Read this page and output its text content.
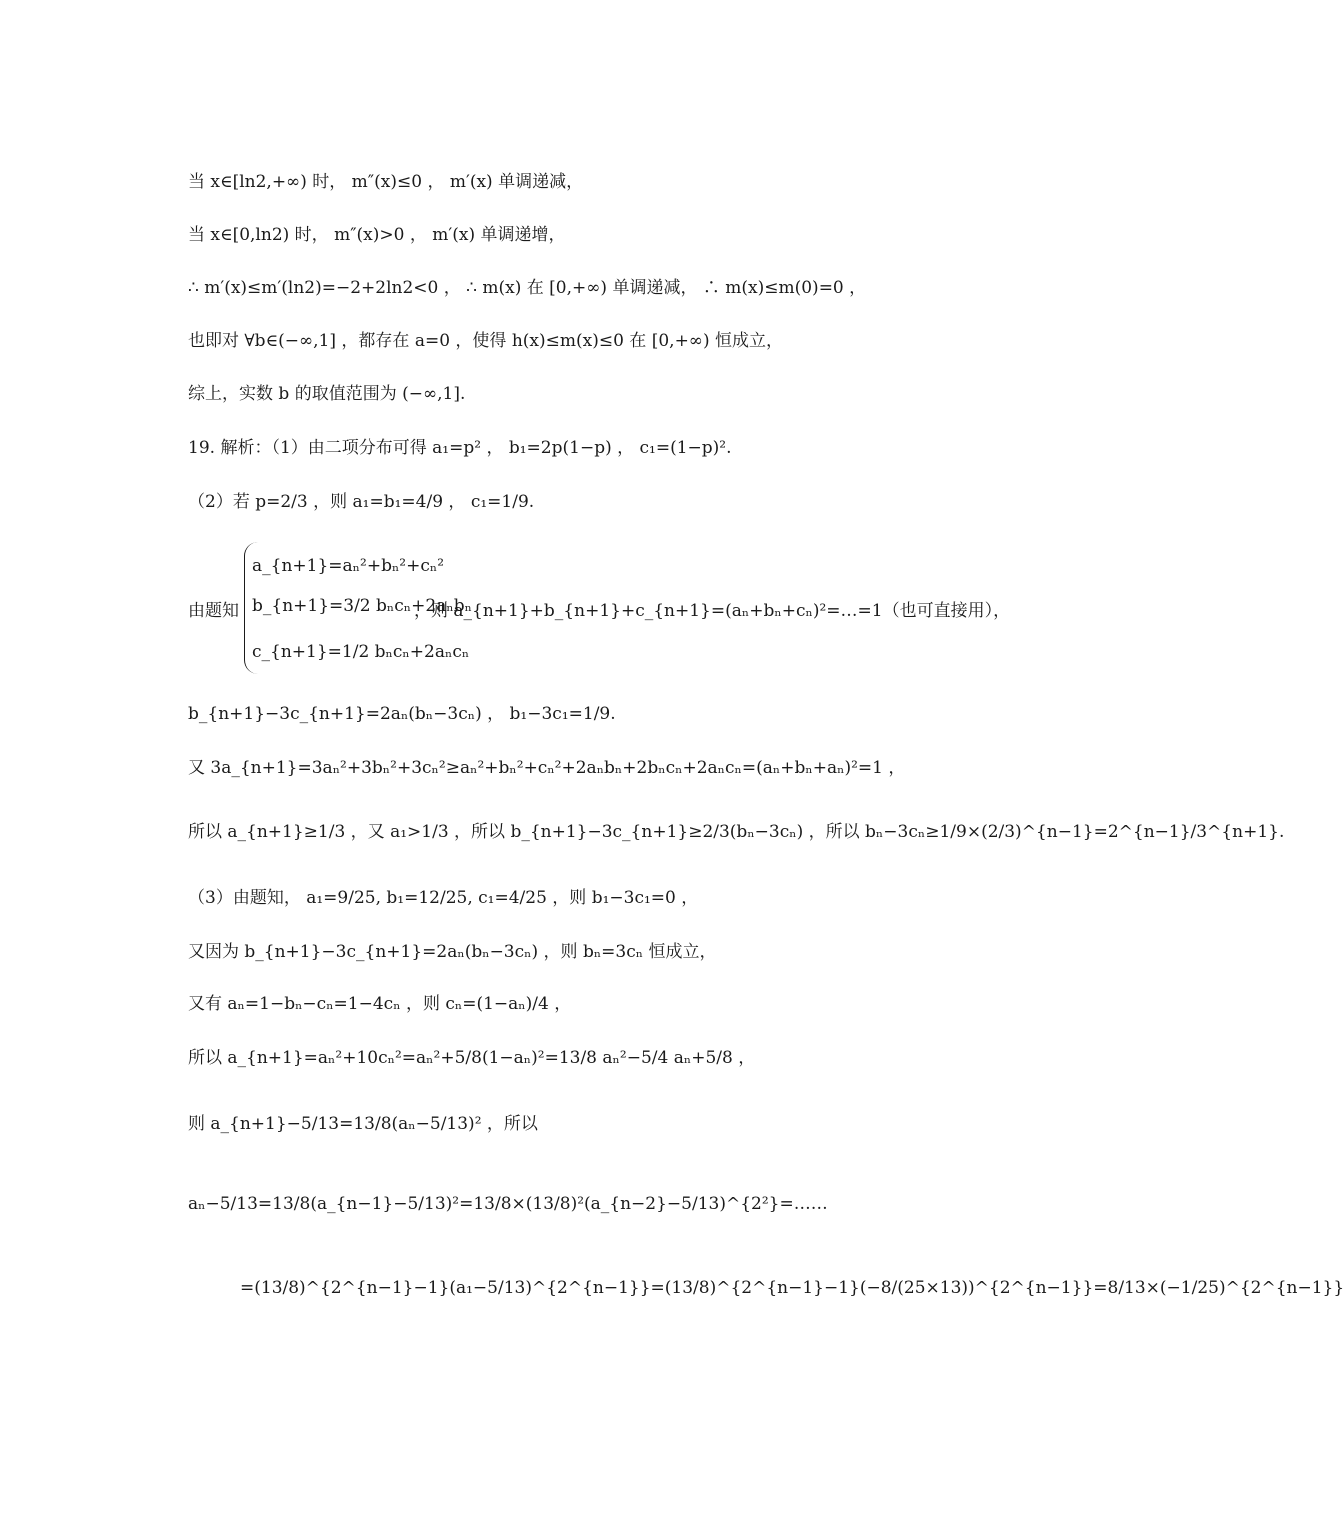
当 x∈[ln2,+∞) 时， m″(x)≤0 ， m′(x) 单调递减，
当 x∈[0,ln2) 时， m″(x)>0 ， m′(x) 单调递增，
∴ m′(x)≤m′(ln2)=−2+2ln2<0 ， ∴ m(x) 在 [0,+∞) 单调递减， ∴ m(x)≤m(0)=0 ，
也即对 ∀b∈(−∞,1] ，都存在 a=0 ，使得 h(x)≤m(x)≤0 在 [0,+∞) 恒成立，
综上，实数 b 的取值范围为 (−∞,1].
19. 解析：（1）由二项分布可得 a₁=p² ， b₁=2p(1−p) ， c₁=(1−p)².
（2）若 p=2/3 ，则 a₁=b₁=4/9 ， c₁=1/9.
由题知
a_{n+1}=aₙ²+bₙ²+cₙ²
b_{n+1}=3/2 bₙcₙ+2aₙbₙ
c_{n+1}=1/2 bₙcₙ+2aₙcₙ
，则 a_{n+1}+b_{n+1}+c_{n+1}=(aₙ+bₙ+cₙ)²=…=1（也可直接用），
b_{n+1}−3c_{n+1}=2aₙ(bₙ−3cₙ) ， b₁−3c₁=1/9.
又 3a_{n+1}=3aₙ²+3bₙ²+3cₙ²≥aₙ²+bₙ²+cₙ²+2aₙbₙ+2bₙcₙ+2aₙcₙ=(aₙ+bₙ+aₙ)²=1 ，
所以 a_{n+1}≥1/3 ，又 a₁>1/3 ，所以 b_{n+1}−3c_{n+1}≥2/3(bₙ−3cₙ) ，所以 bₙ−3cₙ≥1/9×(2/3)^{n−1}=2^{n−1}/3^{n+1}.
（3）由题知， a₁=9/25, b₁=12/25, c₁=4/25 ，则 b₁−3c₁=0 ，
又因为 b_{n+1}−3c_{n+1}=2aₙ(bₙ−3cₙ) ，则 bₙ=3cₙ 恒成立，
又有 aₙ=1−bₙ−cₙ=1−4cₙ ，则 cₙ=(1−aₙ)/4 ，
所以 a_{n+1}=aₙ²+10cₙ²=aₙ²+5/8(1−aₙ)²=13/8 aₙ²−5/4 aₙ+5/8 ，
则 a_{n+1}−5/13=13/8(aₙ−5/13)² ，所以
aₙ−5/13=13/8(a_{n−1}−5/13)²=13/8×(13/8)²(a_{n−2}−5/13)^{2²}=……
=(13/8)^{2^{n−1}−1}(a₁−5/13)^{2^{n−1}}=(13/8)^{2^{n−1}−1}(−8/(25×13))^{2^{n−1}}=8/13×(−1/25)^{2^{n−1}}
